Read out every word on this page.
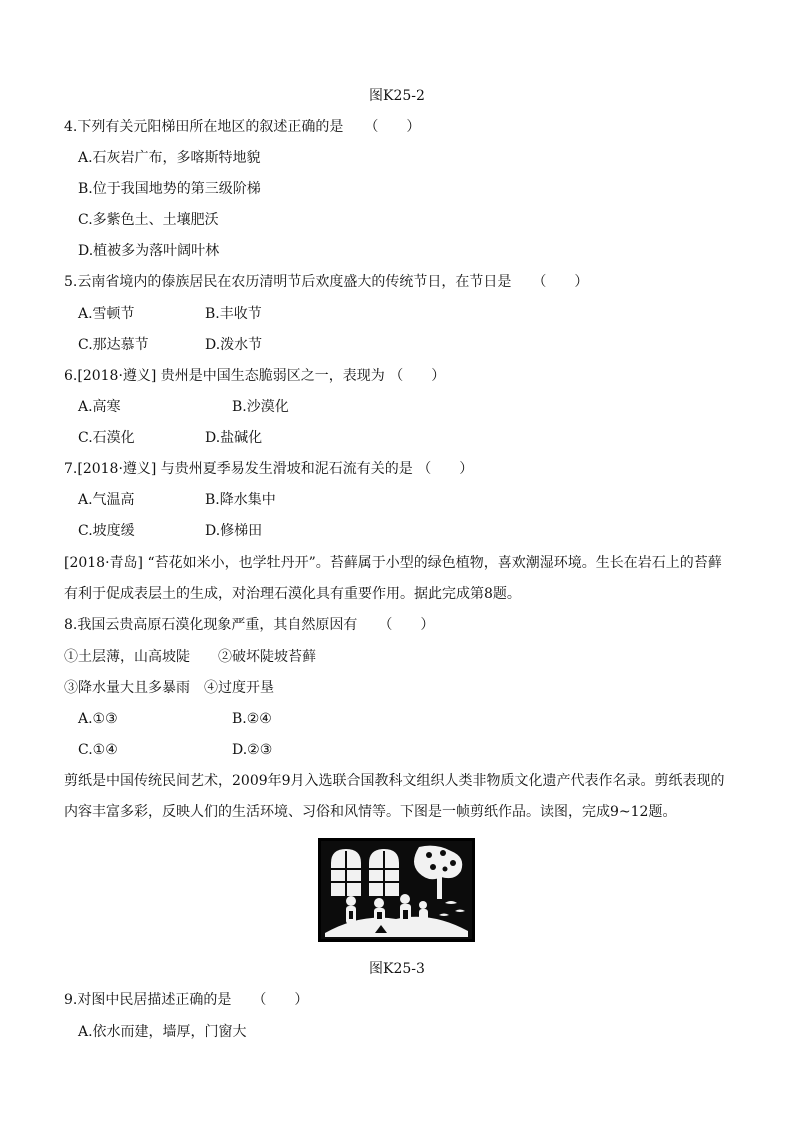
图K25-2
4.下列有关元阳梯田所在地区的叙述正确的是　　（　　）
A.石灰岩广布，多喀斯特地貌
B.位于我国地势的第三级阶梯
C.多紫色土、土壤肥沃
D.植被多为落叶阔叶林
5.云南省境内的傣族居民在农历清明节后欢度盛大的传统节日，在节日是　　（　　）
A.雪顿节	B.丰收节
C.那达慕节	D.泼水节
6.[2018·遵义] 贵州是中国生态脆弱区之一，表现为 （　　）
A.高寒	B.沙漠化
C.石漠化	D.盐碱化
7.[2018·遵义] 与贵州夏季易发生滑坡和泥石流有关的是 （　　）
A.气温高	B.降水集中
C.坡度缓	D.修梯田
[2018·青岛] “苔花如米小，也学牡丹开”。苔藓属于小型的绿色植物，喜欢潮湿环境。生长在岩石上的苔藓有利于促成表层土的生成，对治理石漠化具有重要作用。据此完成第8题。
8.我国云贵高原石漠化现象严重，其自然原因有　　（　　）
①土层薄，山高坡陡　　②破坏陡坡苔藓
③降水量大且多暴雨　④过度开垦
A.①③	B.②④
C.①④	D.②③
剪纸是中国传统民间艺术，2009年9月入选联合国教科文组织人类非物质文化遗产代表作名录。剪纸表现的内容丰富多彩，反映人们的生活环境、习俗和风情等。下图是一帧剪纸作品。读图，完成9~12题。
图K25-3
9.对图中民居描述正确的是　　（　　）
A.依水而建，墙厚，门窗大
